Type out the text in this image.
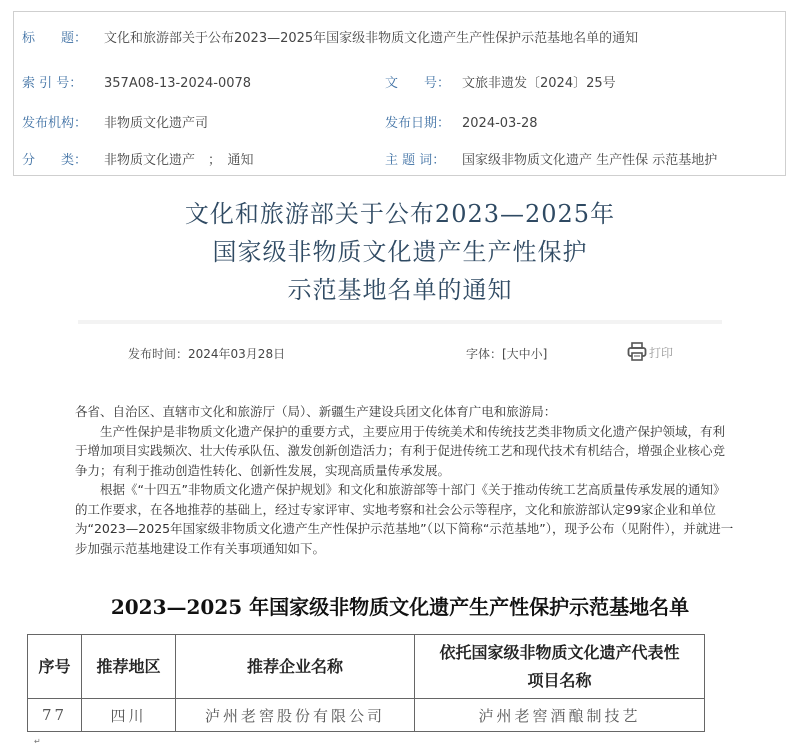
标　　题： 文化和旅游部关于公布2023—2025年国家级非物质文化遗产生产性保护示范基地名单的通知
索 引 号： 357A08-13-2024-0078	文　　号： 文旅非遗发〔2024〕25号
发布机构： 非物质文化遗产司	发布日期： 2024-03-28
分　　类： 非物质文化遗产　；　通知	主 题 词： 国家级非物质文化遗产 生产性保 示范基地护
文化和旅游部关于公布2023—2025年
国家级非物质文化遗产生产性保护
示范基地名单的通知
发布时间：2024年03月28日	字体：[大中小]	打印

各省、自治区、直辖市文化和旅游厅（局）、新疆生产建设兵团文化体育广电和旅游局：

生产性保护是非物质文化遗产保护的重要方式，主要应用于传统美术和传统技艺类非物质文化遗产保护领域，有利于增加项目实践频次、壮大传承队伍、激发创新创造活力；有利于促进传统工艺和现代技术有机结合，增强企业核心竞争力；有利于推动创造性转化、创新性发展，实现高质量传承发展。

根据《“十四五”非物质文化遗产保护规划》和文化和旅游部等十部门《关于推动传统工艺高质量传承发展的通知》的工作要求，在各地推荐的基础上，经过专家评审、实地考察和社会公示等程序，文化和旅游部认定99家企业和单位为“2023—2025年国家级非物质文化遗产生产性保护示范基地”（以下简称“示范基地”），现予公布（见附件），并就进一步加强示范基地建设工作有关事项通知如下。

2023—2025 年国家级非物质文化遗产生产性保护示范基地名单
序号	推荐地区	推荐企业名称	依托国家级非物质文化遗产代表性项目名称
77	四川	泸州老窖股份有限公司	泸州老窖酒酿制技艺
↵
